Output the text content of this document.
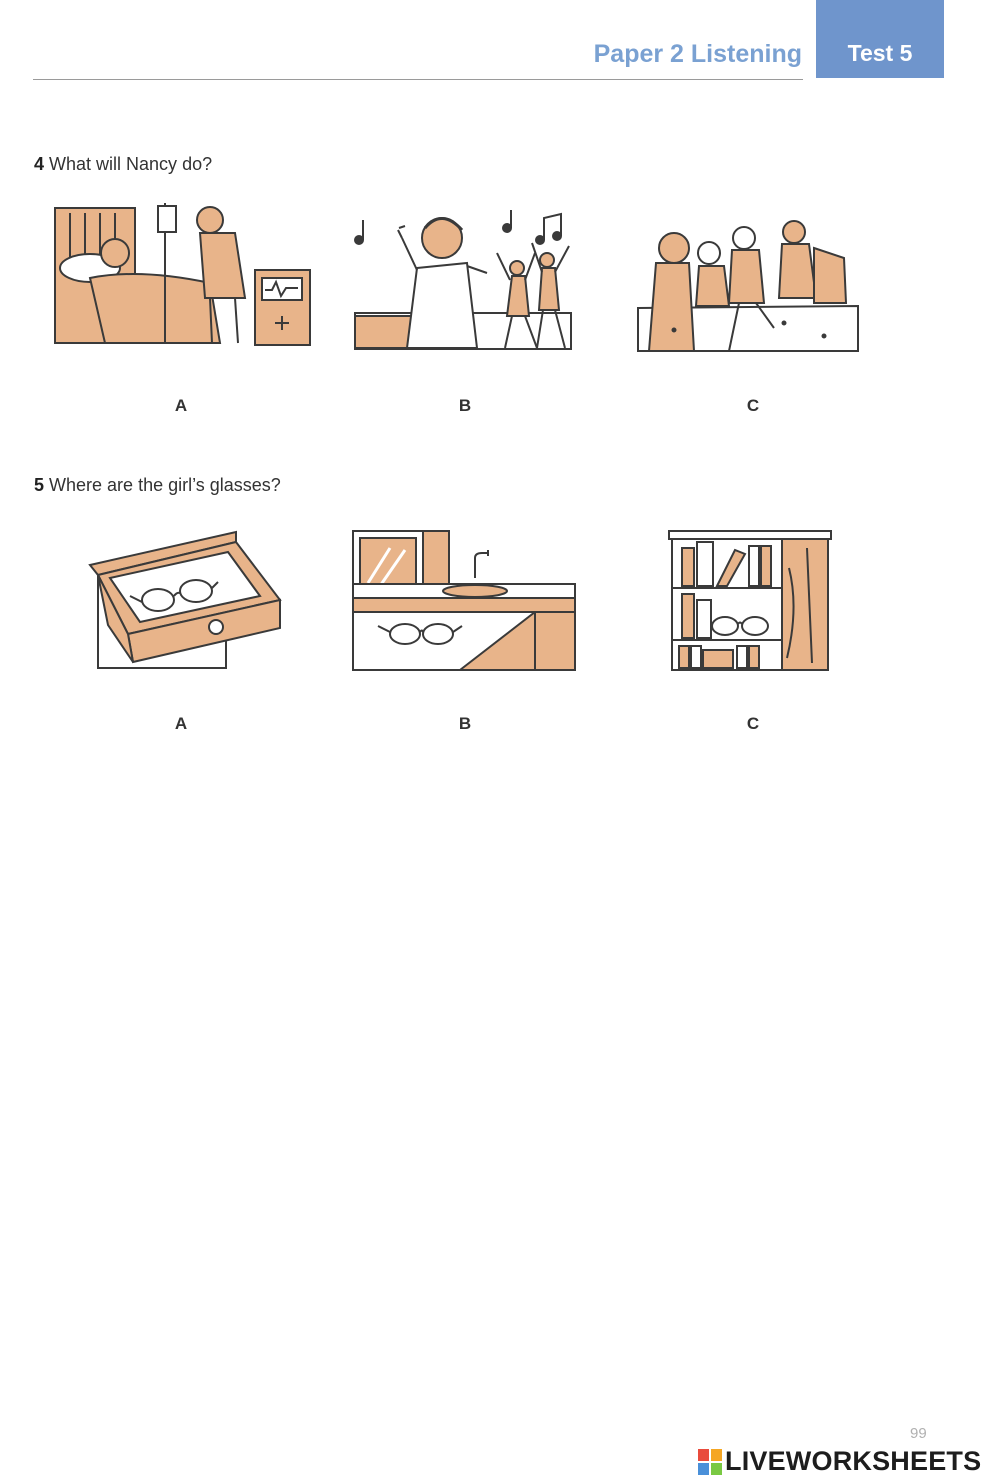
Paper 2 Listening Test 5
4 What will Nancy do?
A	B	C
5 Where are the girl’s glasses?
A	B	C
99
LIVEWORKSHEETS
